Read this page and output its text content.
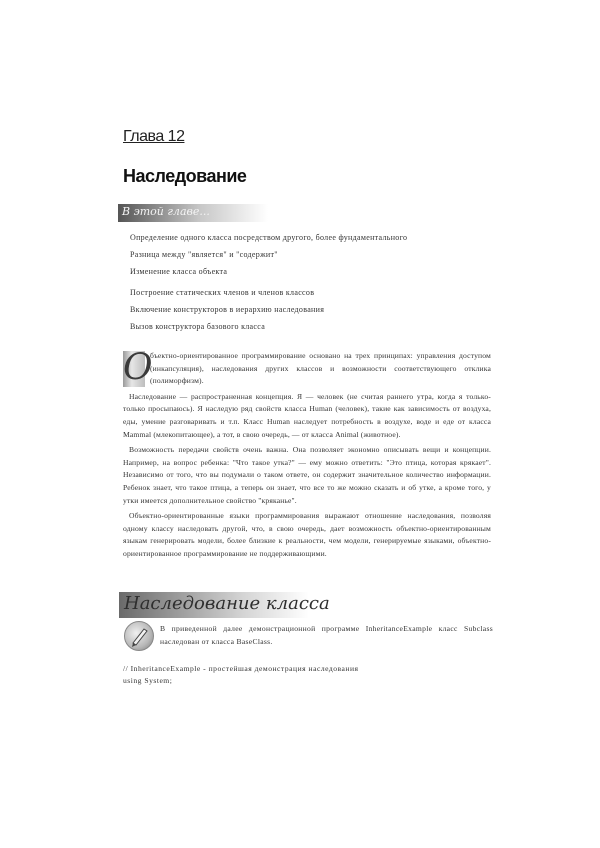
Глава 12
Наследование
В этой главе...
Определение одного класса посредством другого, более фундаментального
Разница между "является" и "содержит"
Изменение класса объекта
Построение статических членов и членов классов
Включение конструкторов в иерархию наследования
Вызов конструктора базового класса
О

бъектно-ориентированное программирование основано на трех принципах: управления доступом (инкапсуляция), наследования других классов и возможности соответствующего отклика (полиморфизм).

Наследование — распространенная концепция. Я — человек (не считая раннего утра, когда я только-только просыпаюсь). Я наследую ряд свойств класса Human (человек), такие как зависимость от воздуха, еды, умение разговаривать и т.п. Класс Human наследует потребность в воздухе, воде и еде от класса Mammal (млекопитающее), а тот, в свою очередь, — от класса Animal (животное).

Возможность передачи свойств очень важна. Она позволяет экономно описывать вещи и концепции. Например, на вопрос ребенка: "Что такое утка?" — ему можно ответить: "Это птица, которая крякает". Независимо от того, что вы подумали о таком ответе, он содержит значительное количество информации. Ребенок знает, что такое птица, а теперь он знает, что все то же можно сказать и об утке, а кроме того, у утки имеется дополнительное свойство "кряканье".

Объектно-ориентированные языки программирования выражают отношение наследования, позволяя одному классу наследовать другой, что, в свою очередь, дает возможность объектно-ориентированным языкам генерировать модели, более близкие к реальности, чем модели, генерируемые языками, объектно-ориентированное программирование не поддерживающими.

Наследование класса
В приведенной далее демонстрационной программе InheritanceExample класс Subclass наследован от класса BaseClass.
// InheritanceExample - простейшая демонстрация наследования
using System;
